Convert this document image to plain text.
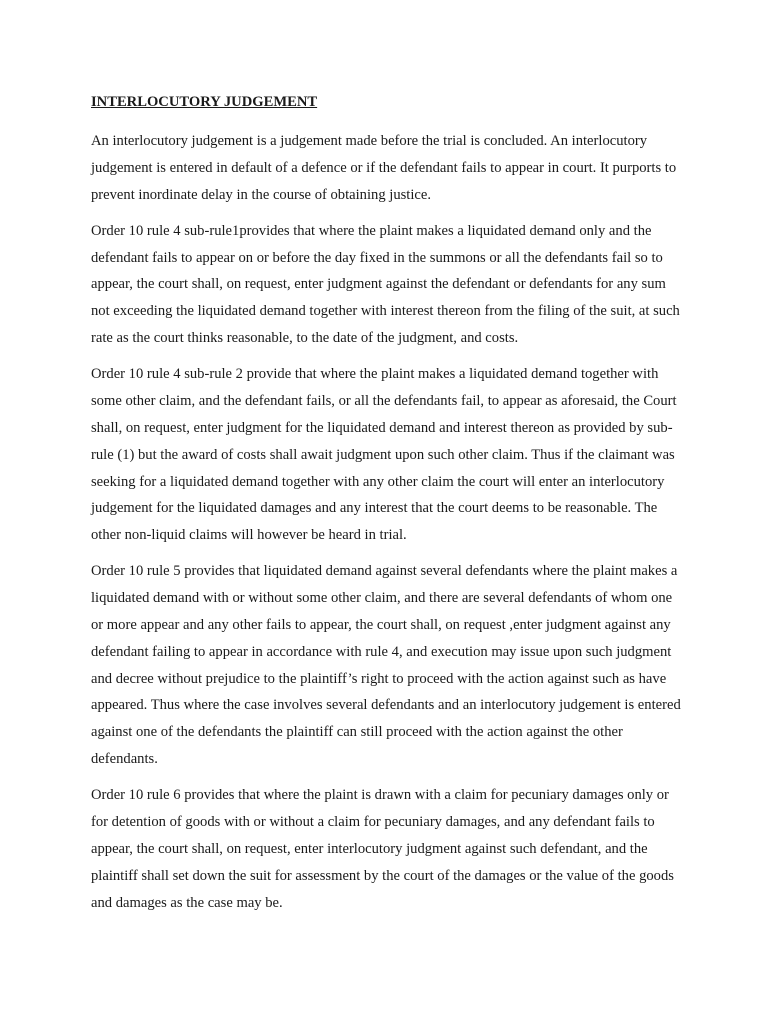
INTERLOCUTORY JUDGEMENT

An interlocutory judgement is a judgement made before the trial is concluded. An interlocutory judgement is entered in default of a defence or if the defendant fails to appear in court. It purports to prevent inordinate delay in the course of obtaining justice.

Order 10 rule 4 sub-rule1provides that where the plaint makes a liquidated demand only and the defendant fails to appear on or before the day fixed in the summons or all the defendants fail so to appear, the court shall, on request, enter judgment against the defendant or defendants for any sum not exceeding the liquidated demand together with interest thereon from the filing of the suit, at such rate as the court thinks reasonable, to the date of the judgment, and costs.

Order 10 rule 4 sub-rule 2 provide that where the plaint makes a liquidated demand together with some other claim, and the defendant fails, or all the defendants fail, to appear as aforesaid, the Court shall, on request, enter judgment for the liquidated demand and interest thereon as provided by sub-rule (1) but the award of costs shall await judgment upon such other claim. Thus if the claimant was seeking for a liquidated demand together with any other claim the court will enter an interlocutory judgement for the liquidated damages and any interest that the court deems to be reasonable. The other non-liquid claims will however be heard in trial.

Order 10 rule 5 provides that liquidated demand against several defendants where the plaint makes a liquidated demand with or without some other claim, and there are several defendants of whom one or more appear and any other fails to appear, the court shall, on request ,enter judgment against any defendant failing to appear in accordance with rule 4, and execution may issue upon such judgment and decree without prejudice to the plaintiff’s right to proceed with the action against such as have appeared. Thus where the case involves several defendants and an interlocutory judgement is entered against one of the defendants the plaintiff can still proceed with the action against the other defendants.

Order 10 rule 6 provides that where the plaint is drawn with a claim for pecuniary damages only or for detention of goods with or without a claim for pecuniary damages, and any defendant fails to appear, the court shall, on request, enter interlocutory judgment against such defendant, and the plaintiff shall set down the suit for assessment by the court of the damages or the value of the goods and damages as the case may be.
